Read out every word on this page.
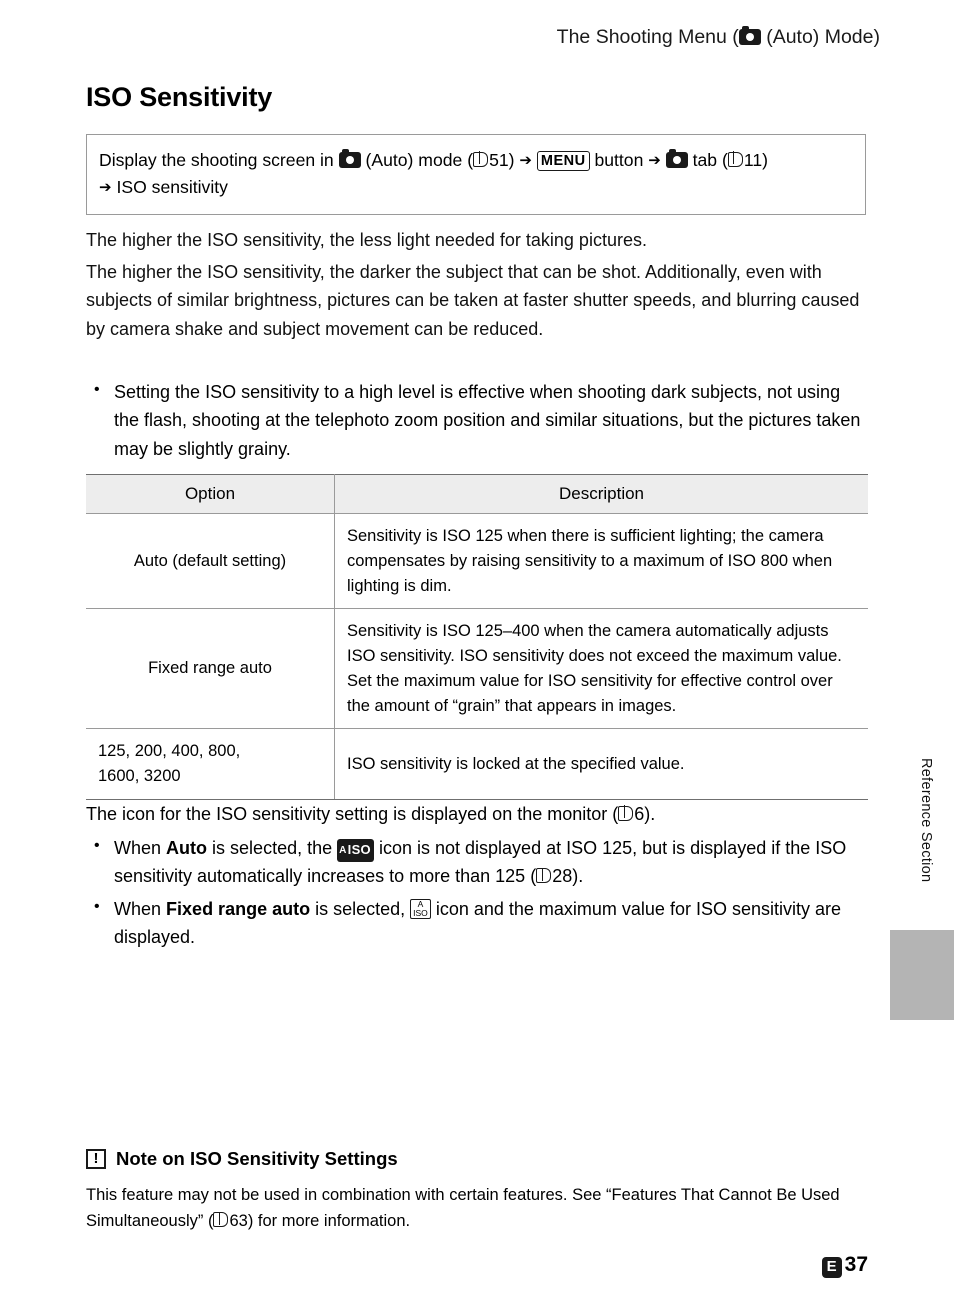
The Shooting Menu ( (Auto) Mode)
ISO Sensitivity
Display the shooting screen in (Auto) mode ( 51) ➔ MENU button ➔ tab ( 11)
➔ ISO sensitivity
The higher the ISO sensitivity, the less light needed for taking pictures.
The higher the ISO sensitivity, the darker the subject that can be shot. Additionally, even with subjects of similar brightness, pictures can be taken at faster shutter speeds, and blurring caused by camera shake and subject movement can be reduced.
• Setting the ISO sensitivity to a high level is effective when shooting dark subjects, not using the flash, shooting at the telephoto zoom position and similar situations, but the pictures taken may be slightly grainy.
Option	Description
Auto (default setting)	Sensitivity is ISO 125 when there is sufficient lighting; the camera compensates by raising sensitivity to a maximum of ISO 800 when lighting is dim.
Fixed range auto	Sensitivity is ISO 125–400 when the camera automatically adjusts ISO sensitivity. ISO sensitivity does not exceed the maximum value.
Set the maximum value for ISO sensitivity for effective control over the amount of “grain” that appears in images.

125, 200, 400, 800,
1600, 3200	ISO sensitivity is locked at the specified value.
The icon for the ISO sensitivity setting is displayed on the monitor ( 6).
• When Auto is selected, the AISO icon is not displayed at ISO 125, but is displayed if the ISO sensitivity automatically increases to more than 125 ( 28).
• When Fixed range auto is selected,	A
ISO icon and the maximum value for ISO sensitivity are displayed.
Reference Section
!
Note on ISO Sensitivity Settings
This feature may not be used in combination with certain features. See “Features That Cannot Be Used Simultaneously” ( 63) for more information.
E 37
